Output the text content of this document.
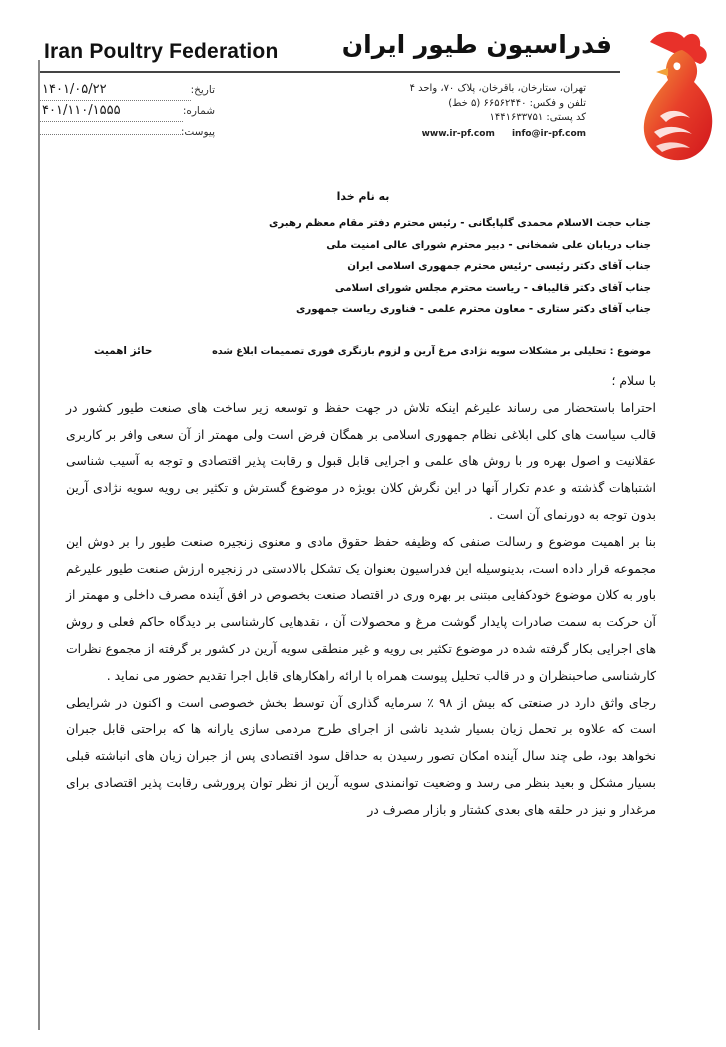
Iran Poultry Federation	فدراسیون طیور ایران
تهران، ستارخان، باقرخان، پلاک ۷۰، واحد ۴
تلفن و فکس: ۶۶۵۶۲۴۴۰ (۵ خط)
کد پستی: ۱۴۴۱۶۳۳۷۵۱
www.ir-pf.com info@ir-pf.com
تاریخ:
۱۴۰۱/۰۵/۲۲
شماره:
۴۰۱/۱۱۰/۱۵۵۵
پیوست:
به نام خدا
جناب حجت الاسلام محمدی گلپایگانی - رئیس محترم دفتر مقام معظم رهبری
جناب دریابان علی شمخانی - دبیر محترم شورای عالی امنیت ملی
جناب آقای دکتر رئیسی -رئیس محترم جمهوری اسلامی ایران
جناب آقای دکتر قالیباف - ریاست محترم مجلس شورای اسلامی
جناب آقای دکتر ستاری - معاون محترم علمی - فناوری ریاست جمهوری
موضوع : تحلیلی بر مشکلات سویه نژادی مرغ آرین و لزوم بازنگری فوری تصمیمات ابلاغ شده
حائز اهمیت

با سلام ؛

احتراما باستحضار می رساند علیرغم اینکه تلاش در جهت حفظ و توسعه زیر ساخت های صنعت طیور کشور در قالب سیاست های کلی ابلاغی نظام جمهوری اسلامی بر همگان فرض است ولی مهمتر از آن سعی وافر بر کاربری عقلانیت و اصول بهره ور با روش های علمی و اجرایی قابل قبول و رقابت پذیر اقتصادی و توجه به آسیب شناسی اشتباهات گذشته و عدم تکرار آنها در این نگرش کلان بویژه در موضوع گسترش و تکثیر بی رویه سویه نژادی آرین بدون توجه به دورنمای آن است .

بنا بر اهمیت موضوع و رسالت صنفی که وظیفه حفظ حقوق مادی و معنوی زنجیره صنعت طیور را بر دوش این مجموعه قرار داده است، بدینوسیله این فدراسیون بعنوان یک تشکل بالادستی در زنجیره ارزش صنعت طیور علیرغم باور به کلان موضوع خودکفایی مبتنی بر بهره وری در اقتصاد صنعت بخصوص در افق آینده مصرف داخلی و مهمتر از آن حرکت به سمت صادرات پایدار گوشت مرغ و محصولات آن ، نقدهایی کارشناسی بر دیدگاه حاکم فعلی و روش های اجرایی بکار گرفته شده در موضوع تکثیر بی رویه و غیر منطقی سویه آرین در کشور بر گرفته از مجموع نظرات کارشناسی صاحبنظران و در قالب تحلیل پیوست همراه با ارائه راهکارهای قابل اجرا تقدیم حضور می نماید .

رجای واثق دارد در صنعتی که بیش از ۹۸ ٪ سرمایه گذاری آن توسط بخش خصوصی است و اکنون در شرایطی است که علاوه بر تحمل زیان بسیار شدید ناشی از اجرای طرح مردمی سازی یارانه ها که براحتی قابل جبران نخواهد بود، طی چند سال آینده امکان تصور رسیدن به حداقل سود اقتصادی پس از جبران زیان های انباشته قبلی بسیار مشکل و بعید بنظر می رسد و وضعیت توانمندی سویه آرین از نظر توان پرورشی رقابت پذیر اقتصادی برای مرغدار و نیز در حلقه های بعدی کشتار و بازار مصرف در
